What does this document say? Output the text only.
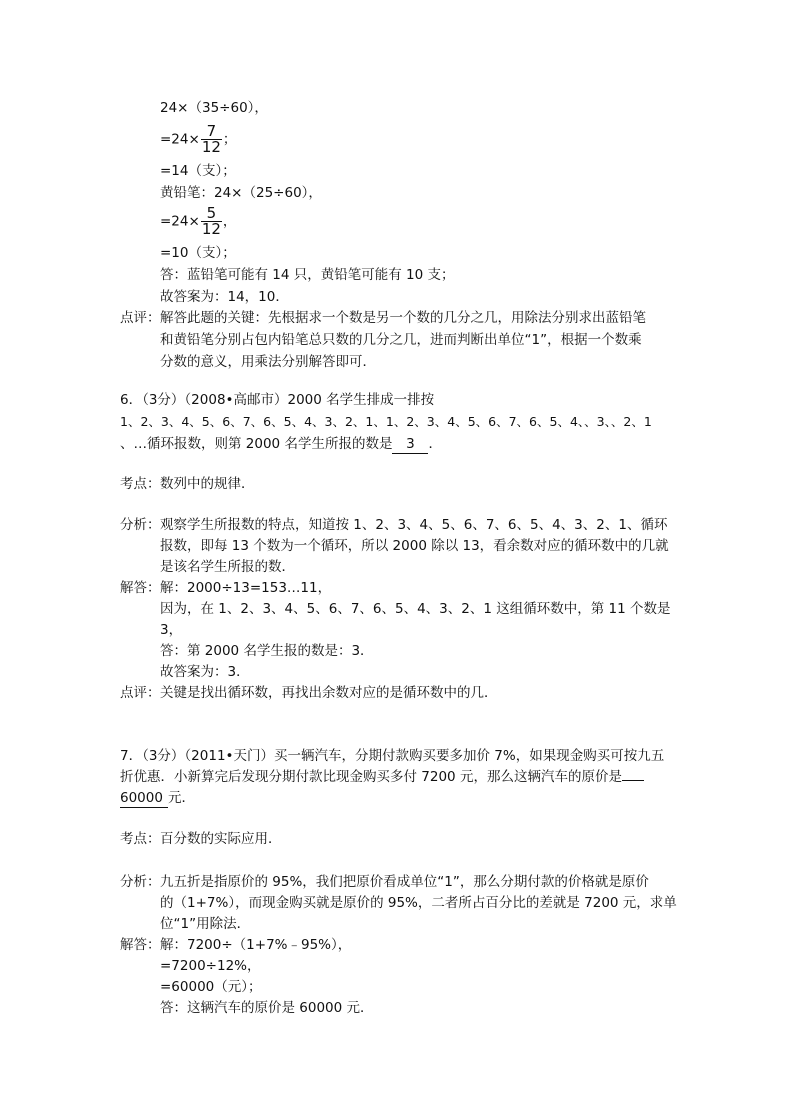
24×（35÷60），
$=24\times \frac{7}{12}$ ；
=14（支）；
黄铅笔：24×（25÷60），
$=24\times \frac{5}{12}$ ，
=10（支）；
答：蓝铅笔可能有 14 只，黄铅笔可能有 10 支；
故答案为：14，10．
点评： 解答此题的关键：先根据求一个数是另一个数的几分之几，用除法分别求出蓝铅笔
和黄铅笔分别占包内铅笔总只数的几分之几，进而判断出单位“1”，根据一个数乘
分数的意义，用乘法分别解答即可．
6．（3分）（2008•高邮市）2000 名学生排成一排按
1、2、3、4、5、6、7、6、5、4、3、2、1、1、2、3、4、5、6、7、6、5、4、、3、、2、1
、…循环报数，则第 2000 名学生所报的数是 3 ．
考点： 数列中的规律．
分析： 观察学生所报数的特点，知道按 1、2、3、4、5、6、7、6、5、4、3、2、1、循环
报数，即每 13 个数为一个循环，所以 2000 除以 13，看余数对应的循环数中的几就
是该名学生所报的数．
解答： 解：2000÷13=153…11，
因为，在 1、2、3、4、5、6、7、6、5、4、3、2、1 这组循环数中，第 11 个数是
3，
答：第 2000 名学生报的数是：3．
故答案为：3．
点评： 关键是找出循环数，再找出余数对应的是循环数中的几．
7．（3分）（2011•天门）买一辆汽车，分期付款购买要多加价 7%，如果现金购买可按九五
折优惠．小新算完后发现分期付款比现金购买多付 7200 元，那么这辆汽车的原价是
60000 元．
考点： 百分数的实际应用．
分析： 九五折是指原价的 95%，我们把原价看成单位“1”，那么分期付款的价格就是原价
的（1+7%），而现金购买就是原价的 95%，二者所占百分比的差就是 7200 元，求单
位“1”用除法．
解答： 解：7200÷（1+7%﹣95%），
=7200÷12%，
=60000（元）；
答：这辆汽车的原价是 60000 元．
